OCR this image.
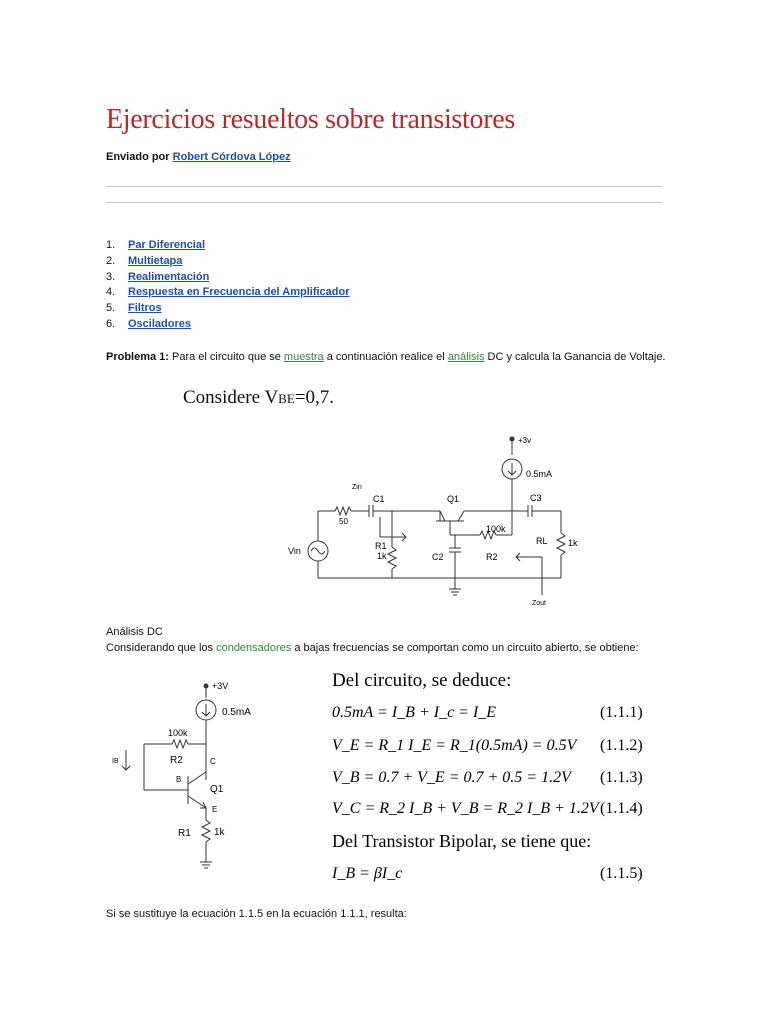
Ejercicios resueltos sobre transistores
Enviado por Robert Córdova López
1.	Par Diferencial
2.	Multietapa
3.	Realimentación
4.	Respuesta en Frecuencia del Amplificador
5.	Filtros
6.	Osciladores

Problema 1: Para el circuito que se muestra a continuación realice el análisis DC y calcula la Ganancia de Voltaje.

Considere VBE=0,7.
+3v
0.5mA
Zin
C1	Q1	C3
50
100k
R2
RL 1k
R1
1k	C2
Vin
Zout
Análisis DC

Considerando que los condensadores a bajas frecuencias se comportan como un circuito abierto, se obtiene:

+3V
0.5mA
100k
R2	C
IB
B
Q1
E
R1 1k
Del circuito, se deduce:
0.5mA = I_B + I_c = I_E	(1.1.1)
V_E = R_1 I_E = R_1(0.5mA) = 0.5V (1.1.2)
V_B = 0.7 + V_E = 0.7 + 0.5 = 1.2V (1.1.3)
V_C = R_2 I_B + V_B = R_2 I_B + 1.2V (1.1.4)
Del Transistor Bipolar, se tiene que:
I_B = βI_c	(1.1.5)

Si se sustituye la ecuación 1.1.5 en la ecuación 1.1.1, resulta:
